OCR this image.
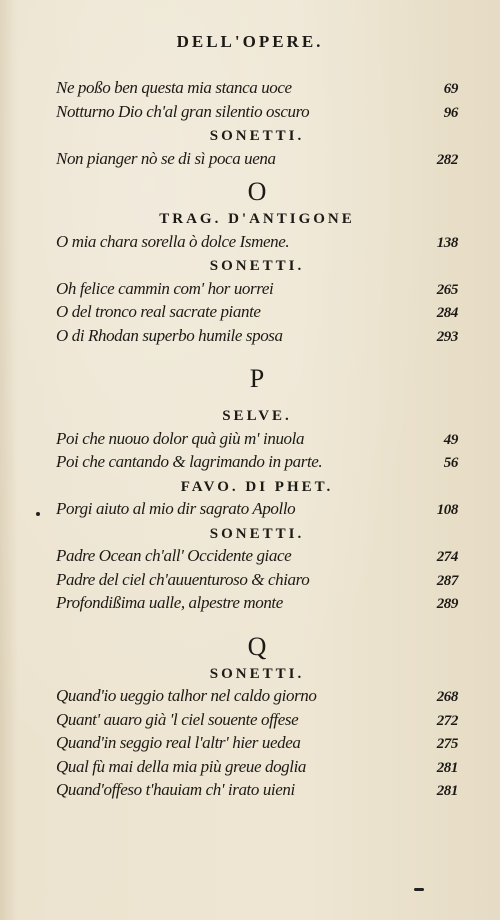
DELL'OPERE.
Ne poßo ben questa mia stanca uoce	69
Notturno Dio ch'al gran silentio oscuro	96
SONETTI.
Non pianger nò se di sì poca uena	282
O
TRAG. D'ANTIGONE
O mia chara sorella ò dolce Ismene.	138
SONETTI.
Oh felice cammin com' hor uorrei	265
O del tronco real sacrate piante	284
O di Rhodan superbo humile sposa	293
P
SELVE.
Poi che nuouo dolor quà giù m' inuola	49
Poi che cantando & lagrimando in parte.	56
FAVO. DI PHET.
Porgi aiuto al mio dir sagrato Apollo	108
SONETTI.
Padre Ocean ch'all' Occidente giace	274
Padre del ciel ch'auuenturoso & chiaro	287
Profondißima ualle, alpestre monte	289
Q
SONETTI.
Quand'io ueggio talhor nel caldo giorno	268
Quant' auaro già 'l ciel souente offese	272
Quand'in seggio real l'altr' hier uedea	275
Qual fù mai della mia più greue doglia	281
Quand'offeso t'hauiam ch' irato uieni	281
